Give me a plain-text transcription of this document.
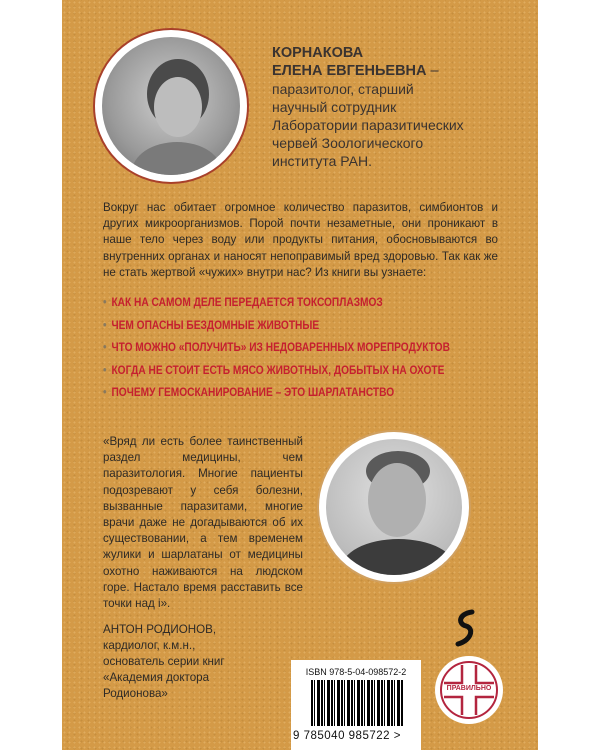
КОРНАКОВА
ЕЛЕНА ЕВГЕНЬЕВНА –
паразитолог, старший
научный сотрудник
Лаборатории паразитических
червей Зоологического
института РАН.
Вокруг нас обитает огромное количество паразитов, симбионтов и других микроорганизмов. Порой почти незаметные, они проникают в наше тело через воду или продукты питания, обосновываются во внутренних органах и наносят непоправимый вред здоровью. Так как же не стать жертвой «чужих» внутри нас? Из книги вы узнаете:
• КАК НА САМОМ ДЕЛЕ ПЕРЕДАЕТСЯ ТОКСОПЛАЗМОЗ
• ЧЕМ ОПАСНЫ БЕЗДОМНЫЕ ЖИВОТНЫЕ
• ЧТО МОЖНО «ПОЛУЧИТЬ» ИЗ НЕДОВАРЕННЫХ МОРЕПРОДУКТОВ
• КОГДА НЕ СТОИТ ЕСТЬ МЯСО ЖИВОТНЫХ, ДОБЫТЫХ НА ОХОТЕ
• ПОЧЕМУ ГЕМОСКАНИРОВАНИЕ – ЭТО ШАРЛАТАНСТВО
«Вряд ли есть более таинственный раздел медицины, чем паразитология. Многие пациенты подозревают у себя болезни, вызванные паразитами, многие врачи даже не догадываются об их существовании, а тем временем жулики и шарлатаны от медицины охотно наживаются на людском горе. Настало время расставить все точки над i».
АНТОН РОДИОНОВ,
кардиолог, к.м.н.,
основатель серии книг
«Академия доктора
Родионова»
ISBN 978-5-04-098572-2
9 785040 985722 >
ПРАВИЛЬНО
